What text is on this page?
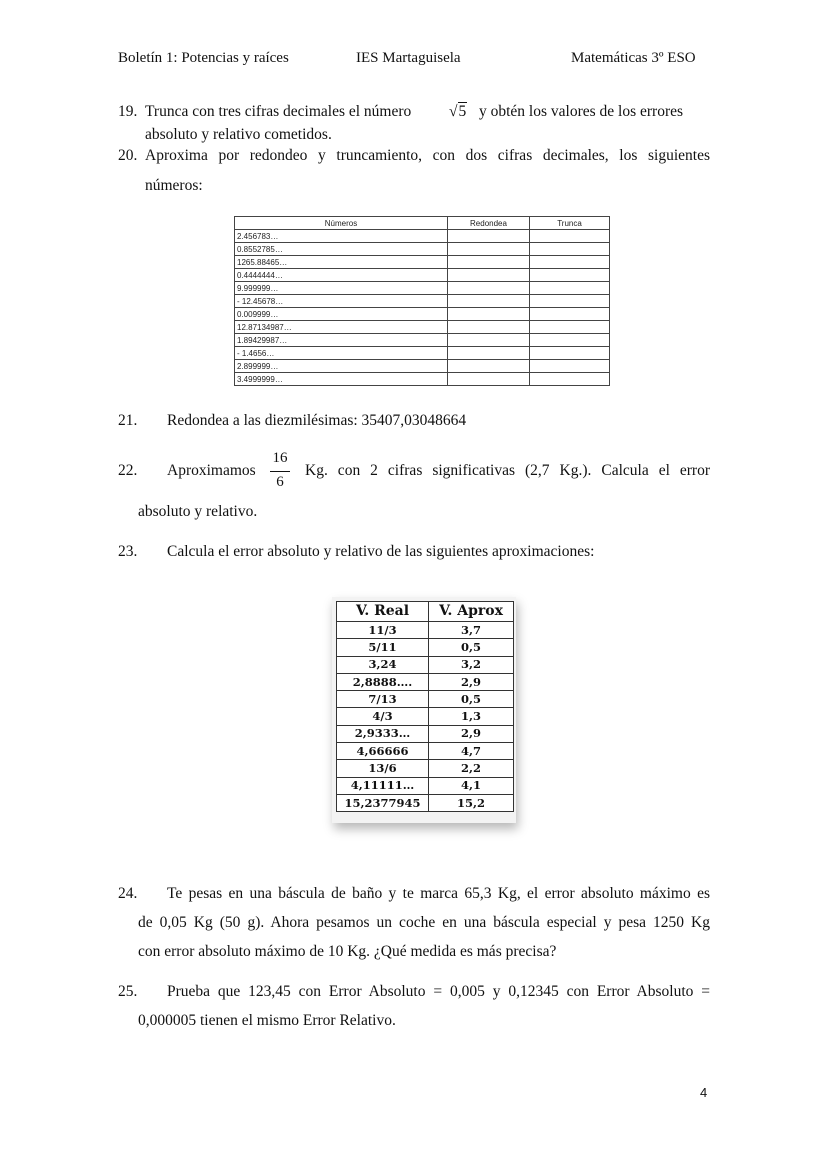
Boletín 1: Potencias y raíces	IES Martaguisela	Matemáticas 3º ESO
19. Trunca con tres cifras decimales el número √5 y obtén los valores de los errores
absoluto y relativo cometidos.
20. Aproxima por redondeo y truncamiento, con dos cifras decimales, los siguientes
números:
Números	Redondea	Trunca
2.456783…		
0.8552785…		
1265.88465…		
0.4444444…		
9.999999…		
- 12.45678…		
0.009999…		
12.87134987…		
1.89429987…		
- 1.4656…		
2.899999…		
3.4999999…		
21. Redondea a las diezmilésimas: 35407,03048664
22. Aproximamos
16
6
Kg. con 2 cifras significativas (2,7 Kg.). Calcula el error
absoluto y relativo.
23. Calcula el error absoluto y relativo de las siguientes aproximaciones:
V. Real	V. Aprox
11/3	3,7
5/11	0,5
3,24	3,2
2,8888….	2,9
7/13	0,5
4/3	1,3
2,9333…	2,9
4,66666	4,7
13/6	2,2
4,11111…	4,1
15,2377945	15,2
24. Te pesas en una báscula de baño y te marca 65,3 Kg, el error absoluto máximo es
de 0,05 Kg (50 g). Ahora pesamos un coche en una báscula especial y pesa 1250 Kg
con error absoluto máximo de 10 Kg. ¿Qué medida es más precisa?
25. Prueba que 123,45 con Error Absoluto = 0,005 y 0,12345 con Error Absoluto =
0,000005 tienen el mismo Error Relativo.
4
